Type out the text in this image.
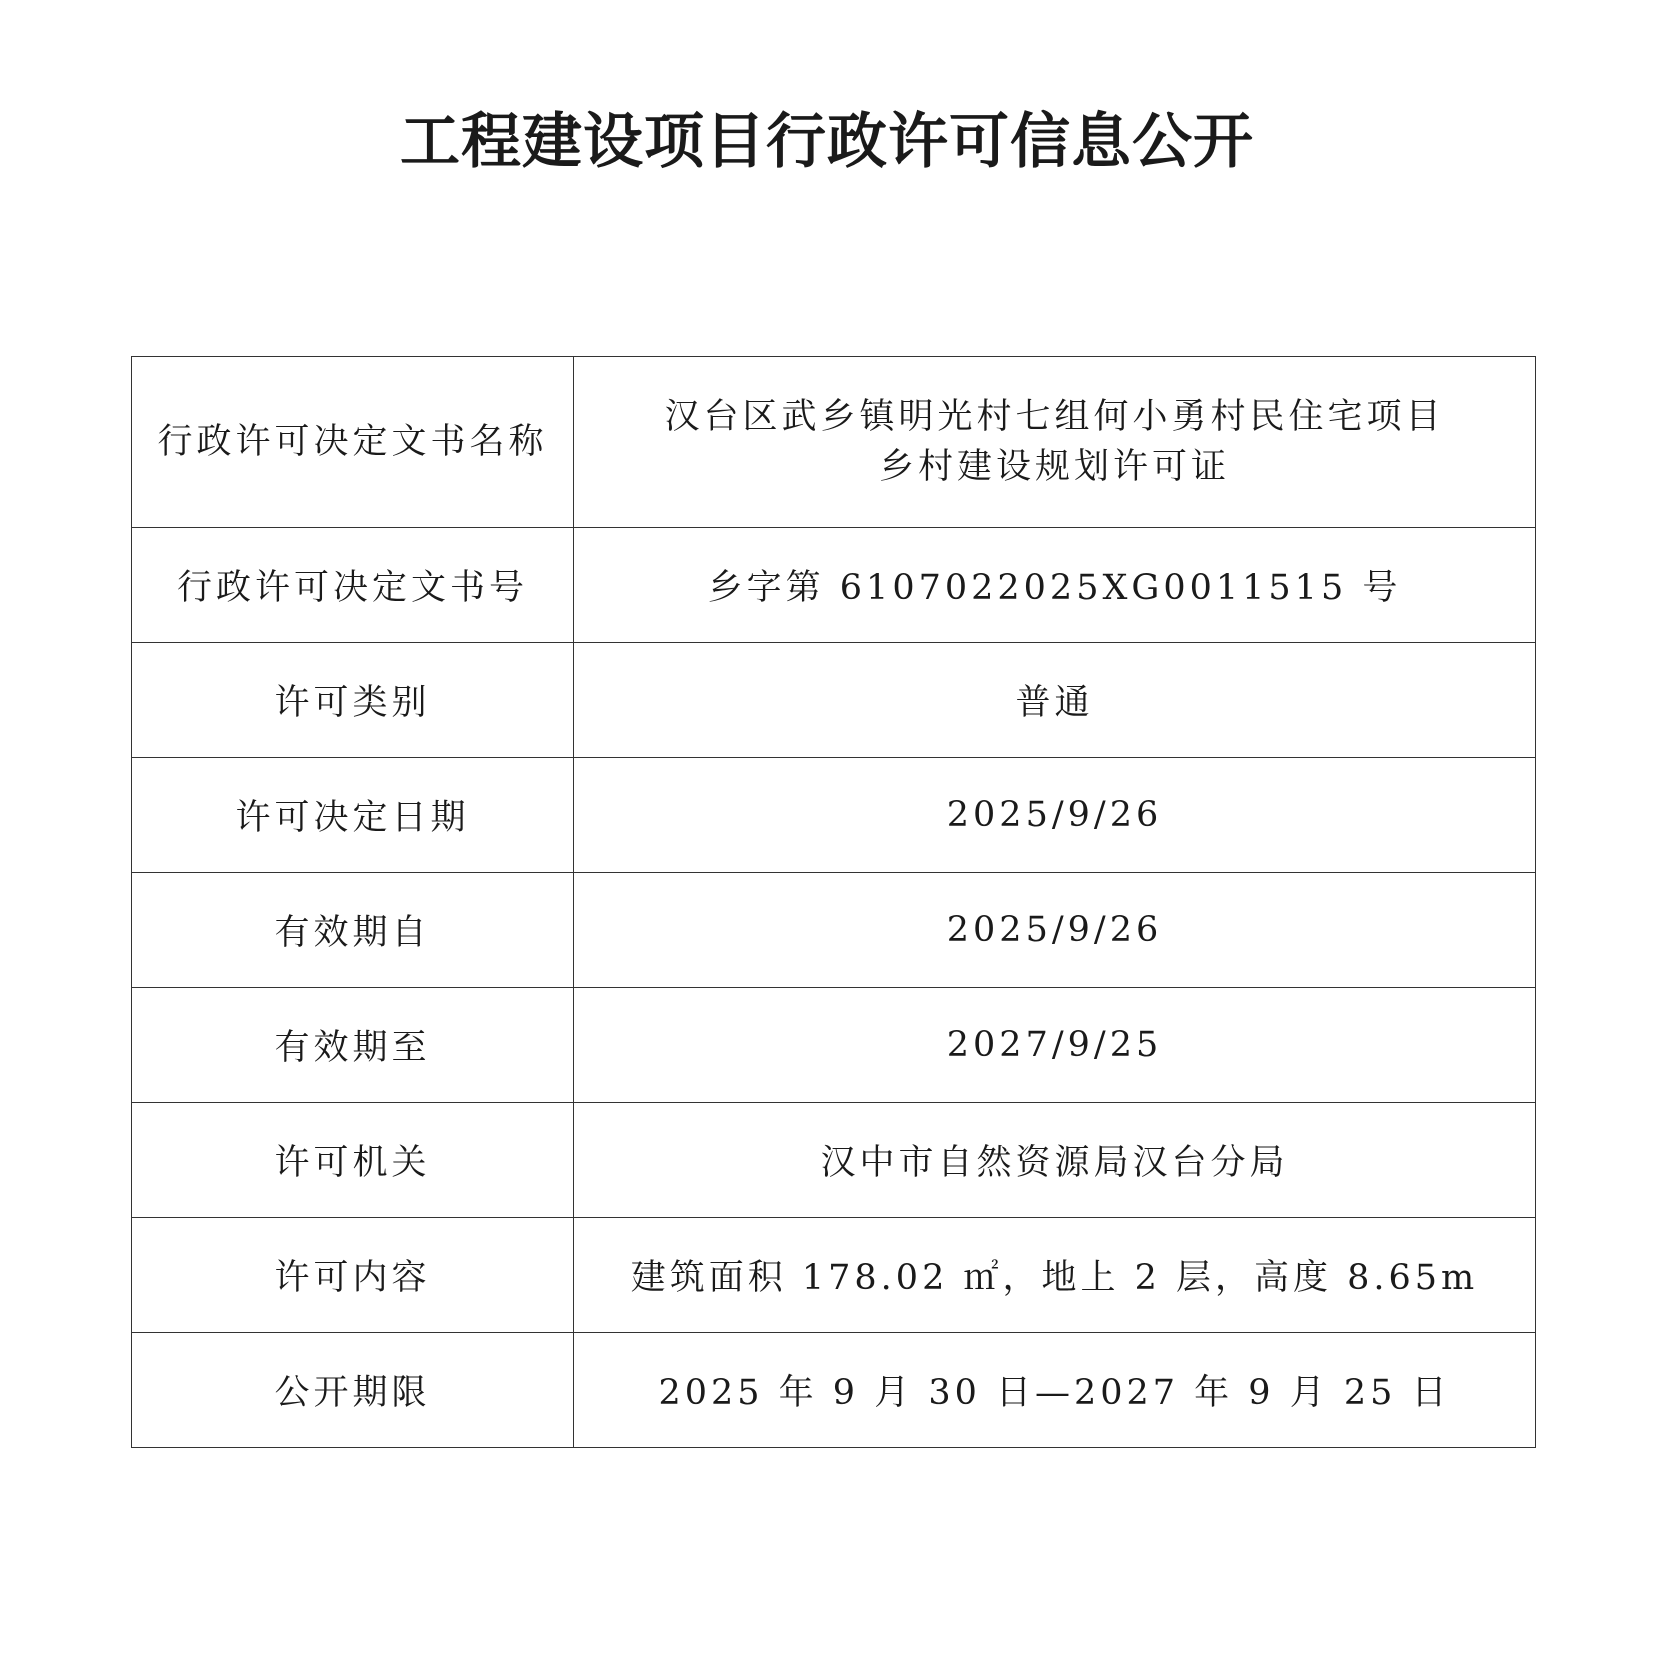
工程建设项目行政许可信息公开
行政许可决定文书名称	汉台区武乡镇明光村七组何小勇村民住宅项目
乡村建设规划许可证

行政许可决定文书号	乡字第 6107022025XG0011515 号
许可类别	普通
许可决定日期	2025/9/26
有效期自	2025/9/26
有效期至	2027/9/25
许可机关	汉中市自然资源局汉台分局
许可内容	建筑面积 178.02 ㎡，地上 2 层，高度 8.65m
公开期限	2025 年 9 月 30 日—2027 年 9 月 25 日
